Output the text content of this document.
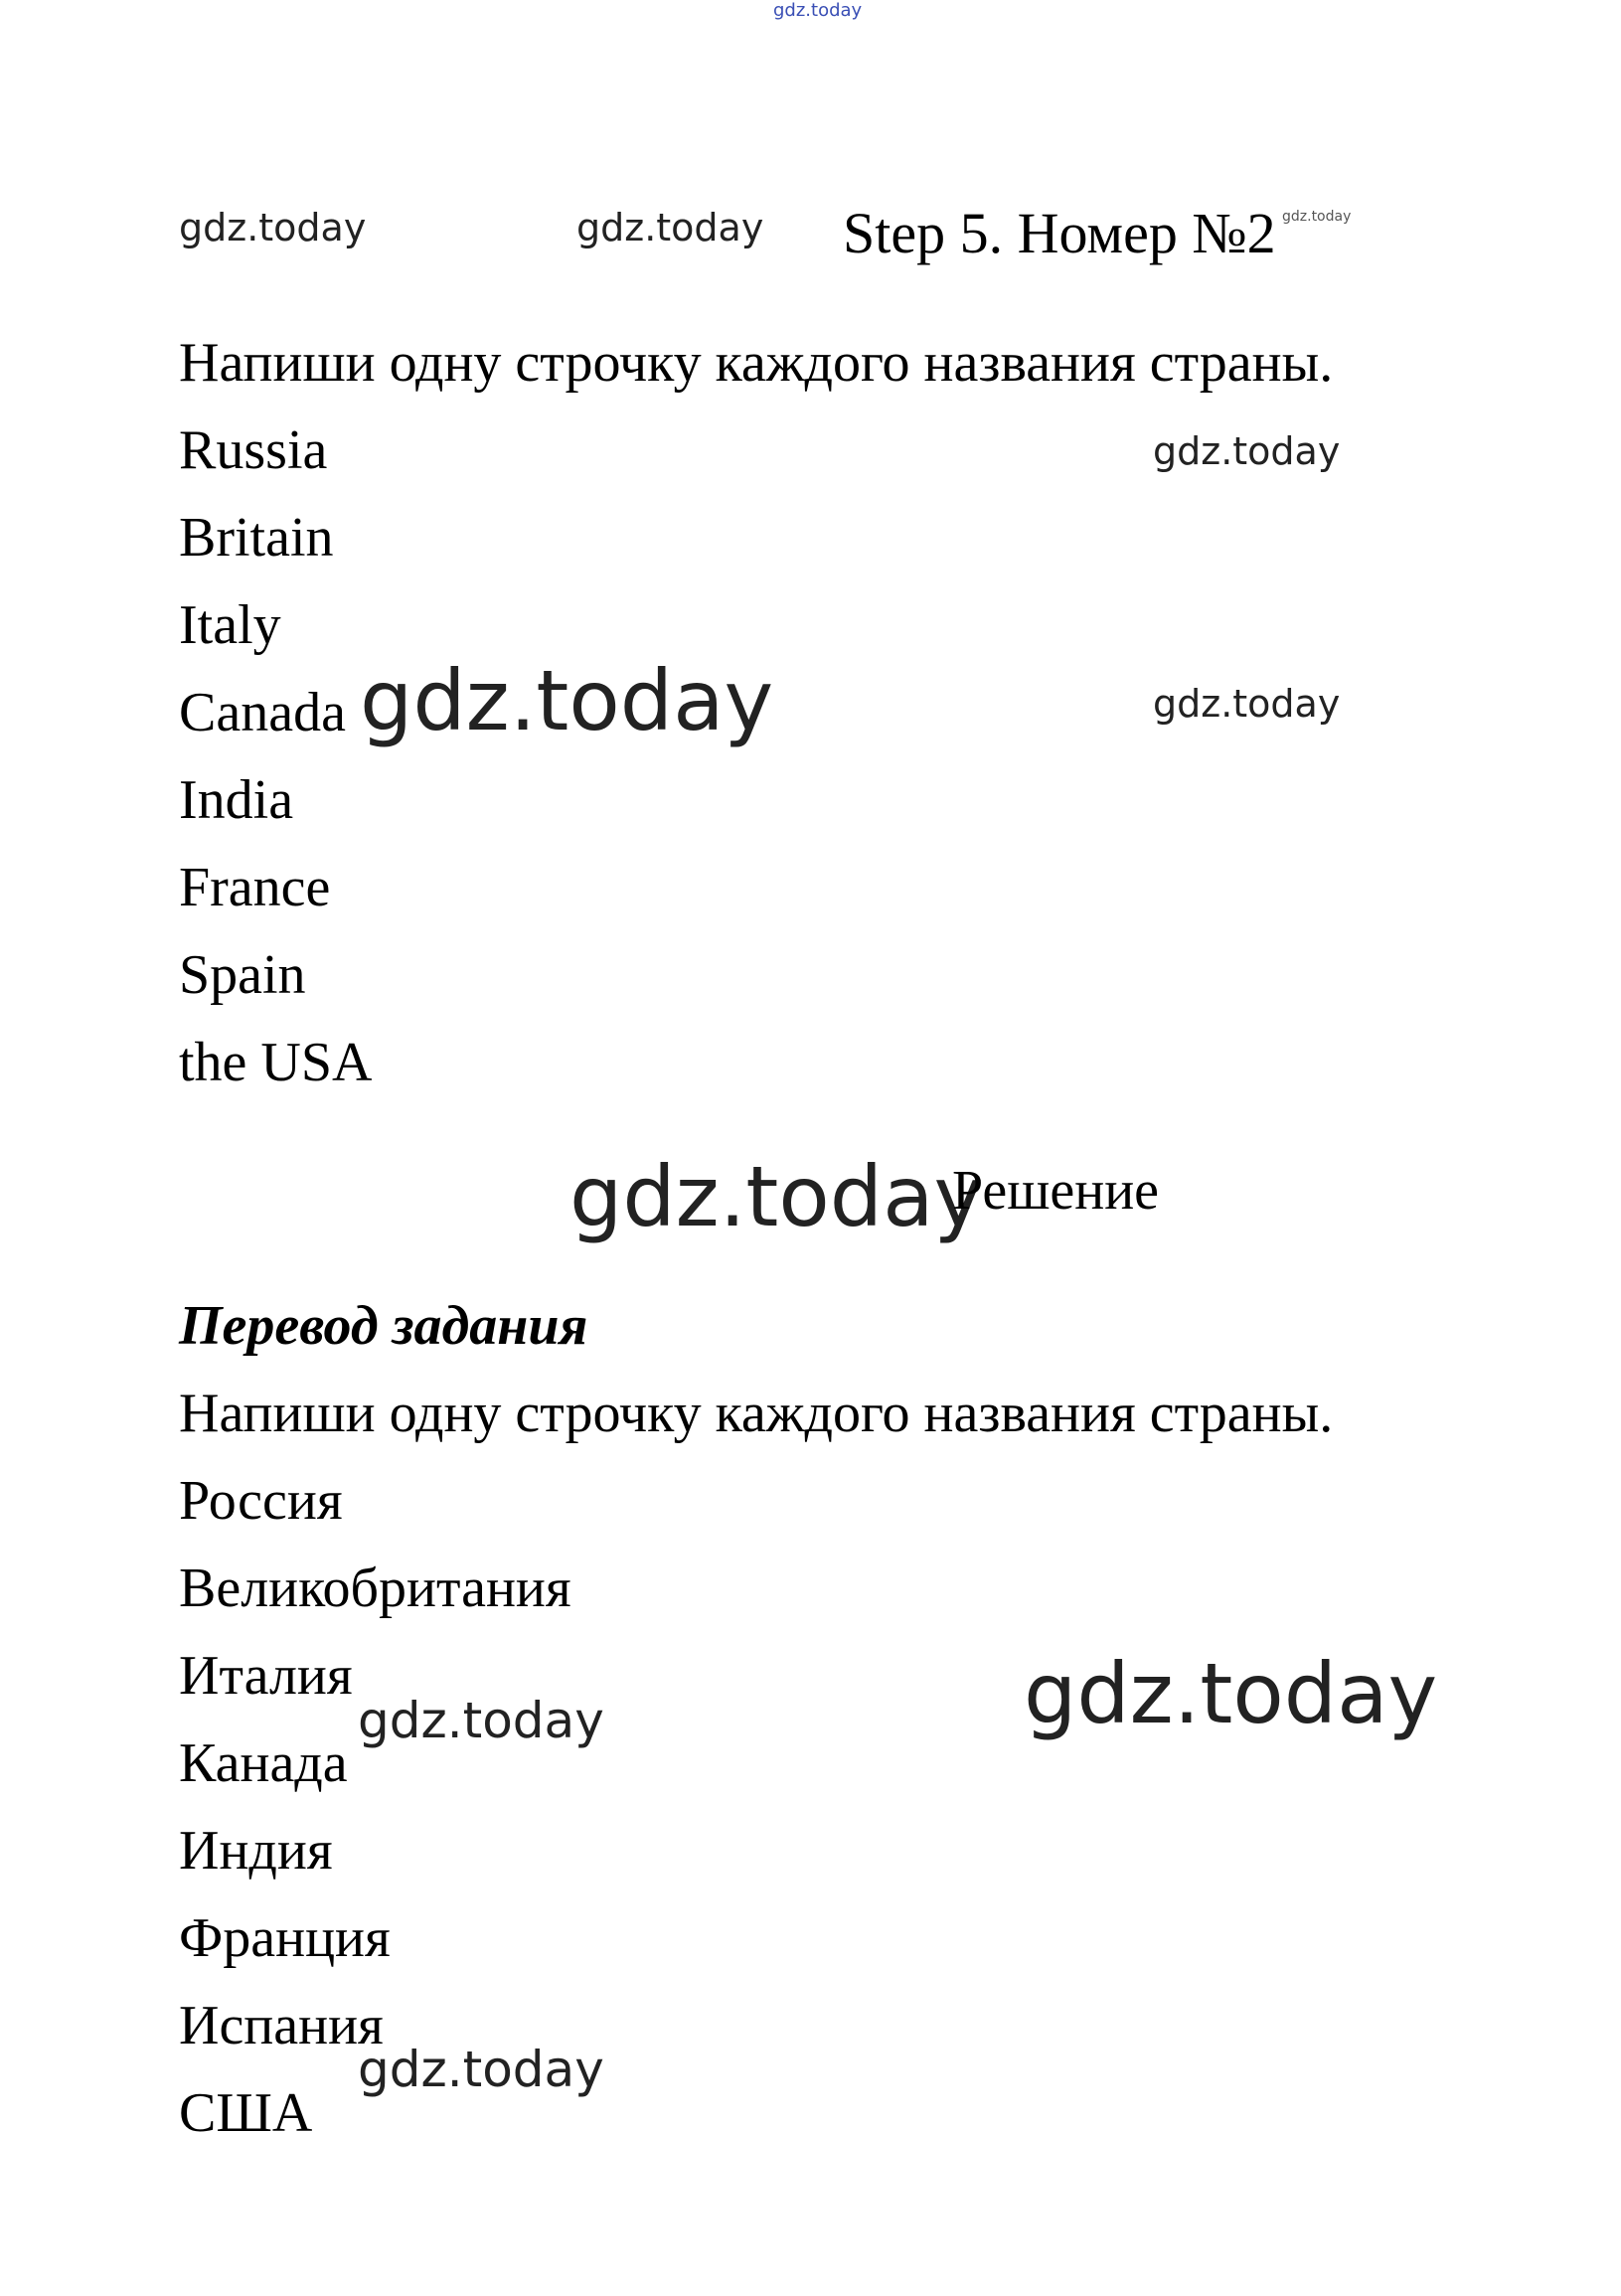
gdz.today
gdz.today	gdz.today Step 5. Номер №2 gdz.today
Напиши одну строчку каждого названия страны.
Russia
Britain
Italy
Canada
India
France
Spain
the USA
gdz.today
gdz.today	gdz.today
gdz.today
Решение
Перевод задания
Напиши одну строчку каждого названия страны.
Россия
Великобритания
Италия
Канада
Индия
Франция
Испания
США
gdz.today
gdz.today
gdz.today
